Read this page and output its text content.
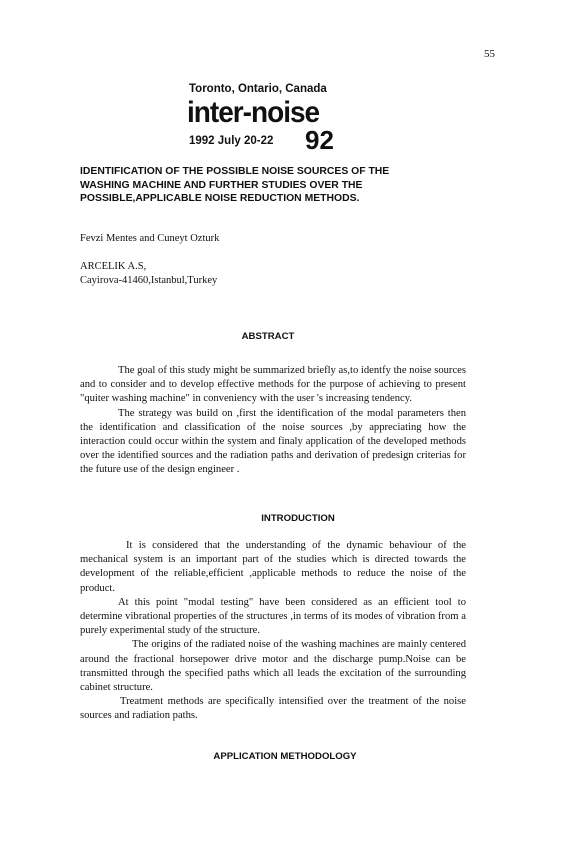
55
Toronto, Ontario, Canada
inter-noise
1992 July 20-22 92
IDENTIFICATION OF THE POSSIBLE NOISE SOURCES OF THE
WASHING MACHINE AND FURTHER STUDIES OVER THE
POSSIBLE,APPLICABLE NOISE REDUCTION METHODS.
Fevzi Mentes and Cuneyt Ozturk
ARCELIK A.S,
Cayirova-41460,Istanbul,Turkey
ABSTRACT

The goal of this study might be summarized briefly as,to identfy the noise sources and to consider and to develop effective methods for the purpose of achieving to present "quiter washing machine" in conveniency with the user 's increasing tendency.

The strategy was build on ,first the identification of the modal parameters then the identification and classification of the noise sources ,by appreciating how the interaction could occur within the system and finaly application of the developed methods over the identified sources and the radiation paths and derivation of predesign criterias for the future use of the design engineer .

INTRODUCTION

It is considered that the understanding of the dynamic behaviour of the mechanical system is an important part of the studies which is directed towards the development of the reliable,efficient ,applicable methods to reduce the noise of the product.

At this point "modal testing" have been considered as an efficient tool to determine vibrational properties of the structures ,in terms of its modes of vibration from a purely experimental study of the structure.

The origins of the radiated noise of the washing machines are mainly centered around the fractional horsepower drive motor and the discharge pump.Noise can be transmitted through the specified paths which all leads the excitation of the surrounding cabinet structure.

Treatment methods are specifically intensified over the treatment of the noise sources and radiation paths.

APPLICATION METHODOLOGY
